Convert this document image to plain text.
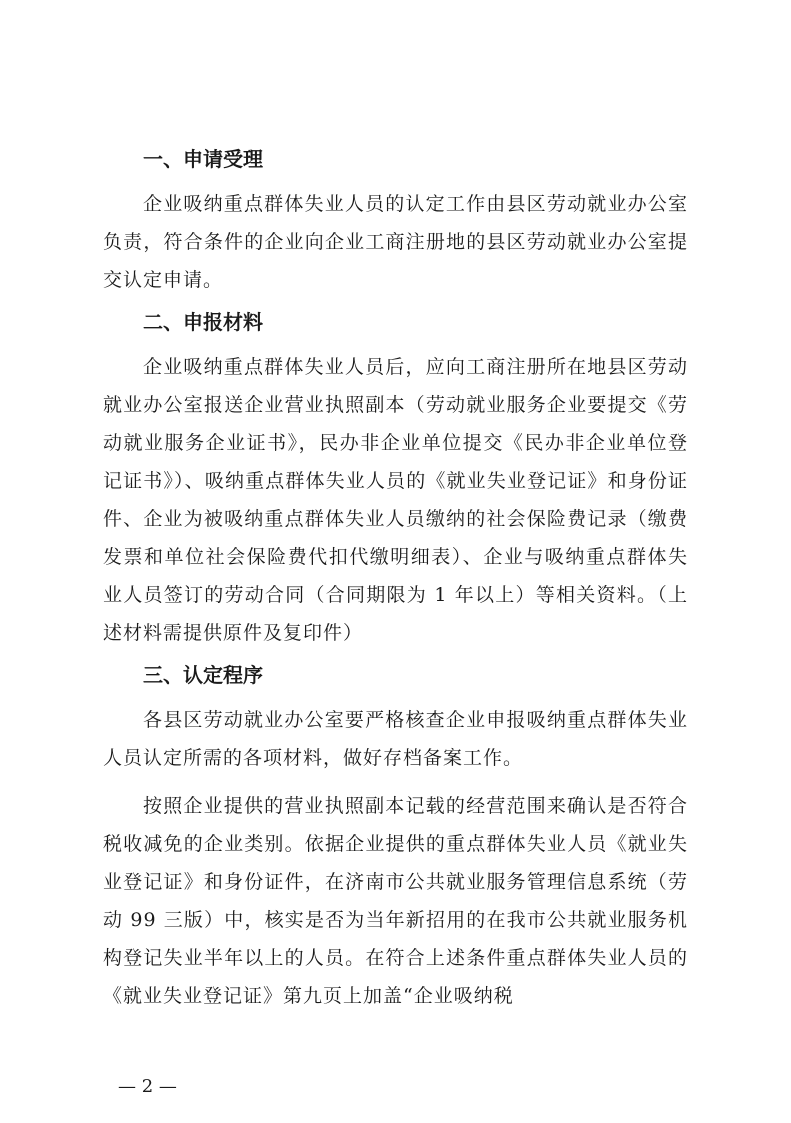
一、申请受理

企业吸纳重点群体失业人员的认定工作由县区劳动就业办公室负责，符合条件的企业向企业工商注册地的县区劳动就业办公室提交认定申请。

二、申报材料

企业吸纳重点群体失业人员后，应向工商注册所在地县区劳动就业办公室报送企业营业执照副本（劳动就业服务企业要提交《劳动就业服务企业证书》，民办非企业单位提交《民办非企业单位登记证书》）、吸纳重点群体失业人员的《就业失业登记证》和身份证件、企业为被吸纳重点群体失业人员缴纳的社会保险费记录（缴费发票和单位社会保险费代扣代缴明细表）、企业与吸纳重点群体失业人员签订的劳动合同（合同期限为 1 年以上）等相关资料。（上述材料需提供原件及复印件）

三、认定程序

各县区劳动就业办公室要严格核查企业申报吸纳重点群体失业人员认定所需的各项材料，做好存档备案工作。

按照企业提供的营业执照副本记载的经营范围来确认是否符合税收减免的企业类别。依据企业提供的重点群体失业人员《就业失业登记证》和身份证件，在济南市公共就业服务管理信息系统（劳动 99 三版）中，核实是否为当年新招用的在我市公共就业服务机构登记失业半年以上的人员。在符合上述条件重点群体失业人员的《就业失业登记证》第九页上加盖“企业吸纳税

— 2 —
